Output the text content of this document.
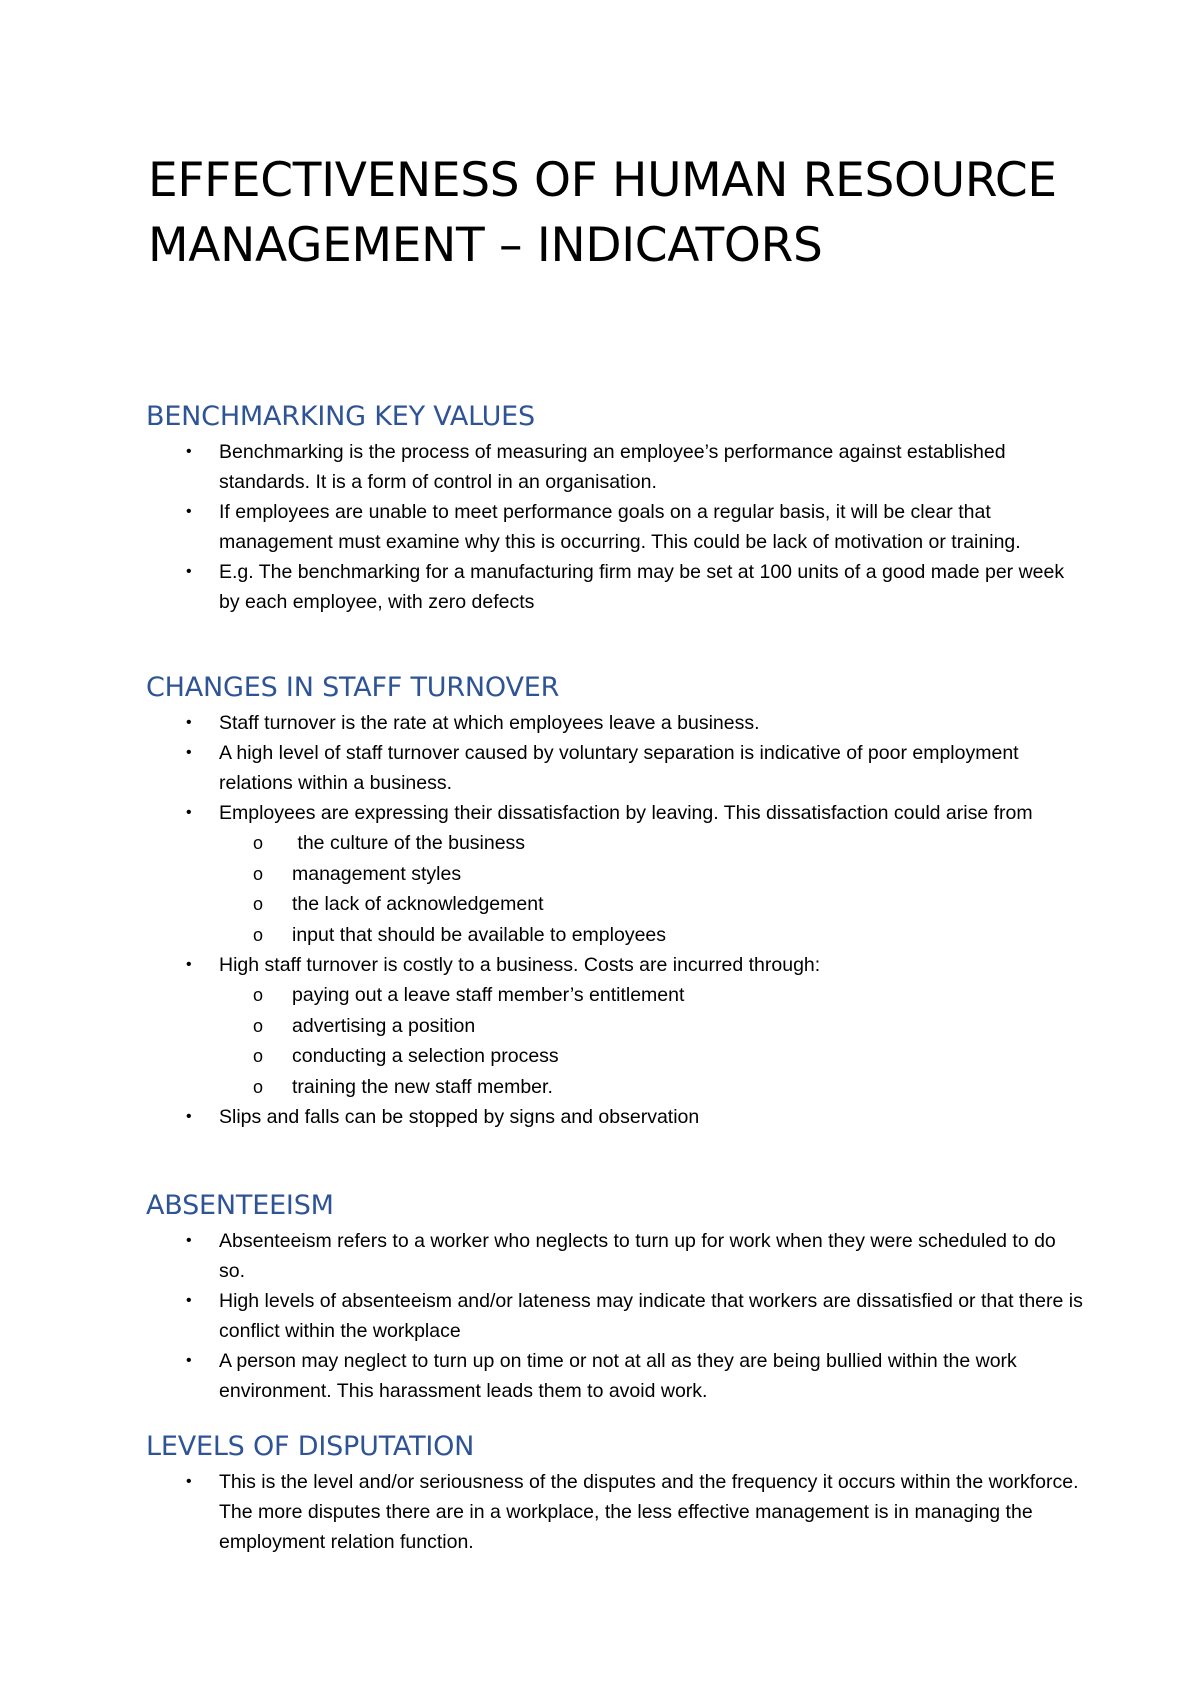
EFFECTIVENESS OF HUMAN RESOURCE MANAGEMENT – INDICATORS
BENCHMARKING KEY VALUES
• Benchmarking is the process of measuring an employee’s performance against established standards. It is a form of control in an organisation.
• If employees are unable to meet performance goals on a regular basis, it will be clear that management must examine why this is occurring. This could be lack of motivation or training.
• E.g. The benchmarking for a manufacturing firm may be set at 100 units of a good made per week by each employee, with zero defects
CHANGES IN STAFF TURNOVER
• Staff turnover is the rate at which employees leave a business.
• A high level of staff turnover caused by voluntary separation is indicative of poor employment relations within a business.
• Employees are expressing their dissatisfaction by leaving. This dissatisfaction could arise from
o the culture of the business
o management styles
o the lack of acknowledgement
o input that should be available to employees
• High staff turnover is costly to a business. Costs are incurred through:
o paying out a leave staff member’s entitlement
o advertising a position
o conducting a selection process
o training the new staff member.
• Slips and falls can be stopped by signs and observation
ABSENTEEISM
• Absenteeism refers to a worker who neglects to turn up for work when they were scheduled to do so.
• High levels of absenteeism and/or lateness may indicate that workers are dissatisfied or that there is conflict within the workplace
• A person may neglect to turn up on time or not at all as they are being bullied within the work environment. This harassment leads them to avoid work.
LEVELS OF DISPUTATION
• This is the level and/or seriousness of the disputes and the frequency it occurs within the workforce. The more disputes there are in a workplace, the less effective management is in managing the employment relation function.
